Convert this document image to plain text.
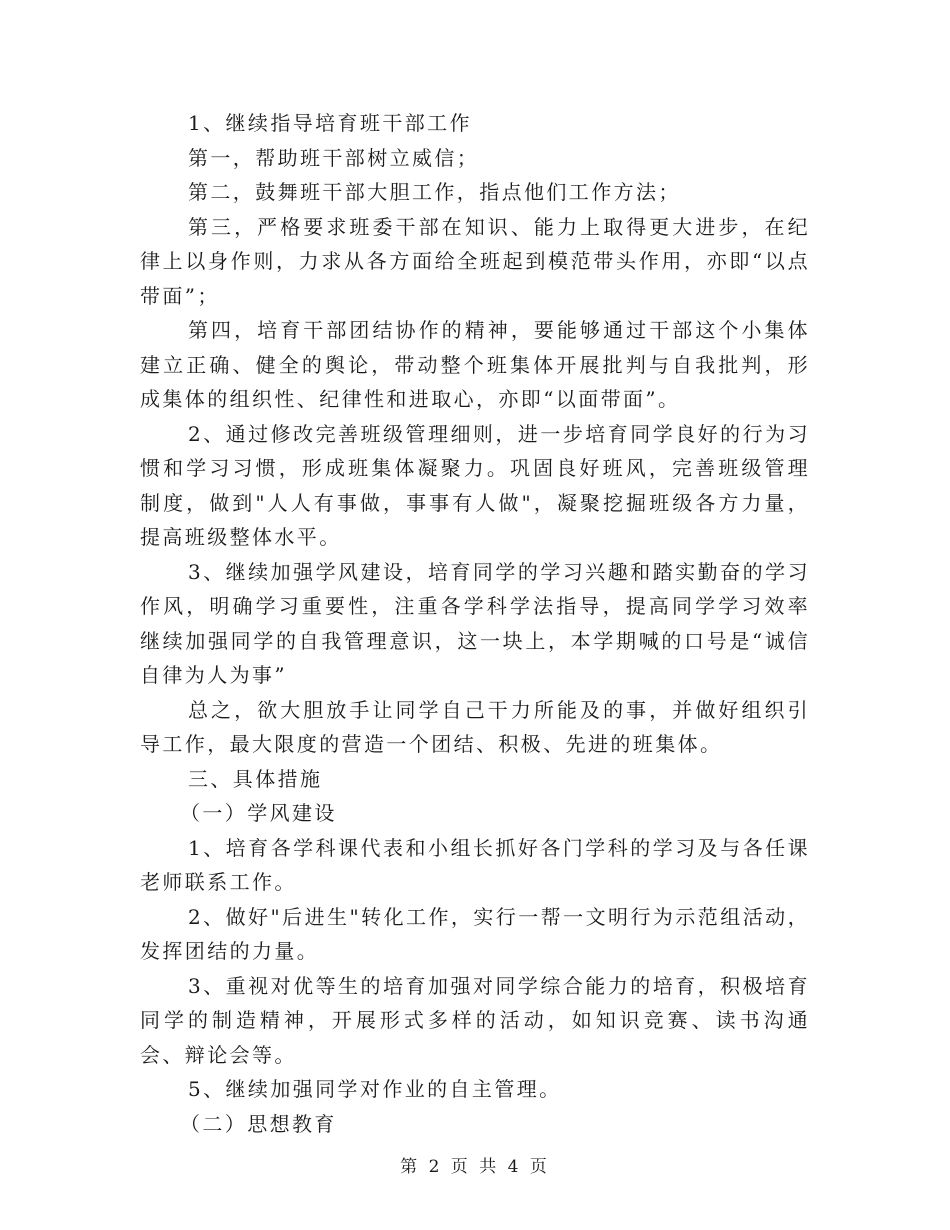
1、继续指导培育班干部工作

第一，帮助班干部树立威信；

第二，鼓舞班干部大胆工作，指点他们工作方法；

第三，严格要求班委干部在知识、能力上取得更大进步，在纪律上以身作则，力求从各方面给全班起到模范带头作用，亦即“以点带面”；

第四，培育干部团结协作的精神，要能够通过干部这个小集体建立正确、健全的舆论，带动整个班集体开展批判与自我批判，形成集体的组织性、纪律性和进取心，亦即“以面带面”。

2、通过修改完善班级管理细则，进一步培育同学良好的行为习惯和学习习惯，形成班集体凝聚力。巩固良好班风，完善班级管理制度，做到"人人有事做，事事有人做"，凝聚挖掘班级各方力量，提高班级整体水平。

3、继续加强学风建设，培育同学的学习兴趣和踏实勤奋的学习作风，明确学习重要性，注重各学科学法指导，提高同学学习效率继续加强同学的自我管理意识，这一块上，本学期喊的口号是“诚信自律为人为事”

总之，欲大胆放手让同学自己干力所能及的事，并做好组织引导工作，最大限度的营造一个团结、积极、先进的班集体。

三、具体措施

（一）学风建设

1、培育各学科课代表和小组长抓好各门学科的学习及与各任课老师联系工作。

2、做好"后进生"转化工作，实行一帮一文明行为示范组活动，发挥团结的力量。

3、重视对优等生的培育加强对同学综合能力的培育，积极培育同学的制造精神，开展形式多样的活动，如知识竞赛、读书沟通会、辩论会等。

5、继续加强同学对作业的自主管理。

（二）思想教育

第 2 页 共 4 页
